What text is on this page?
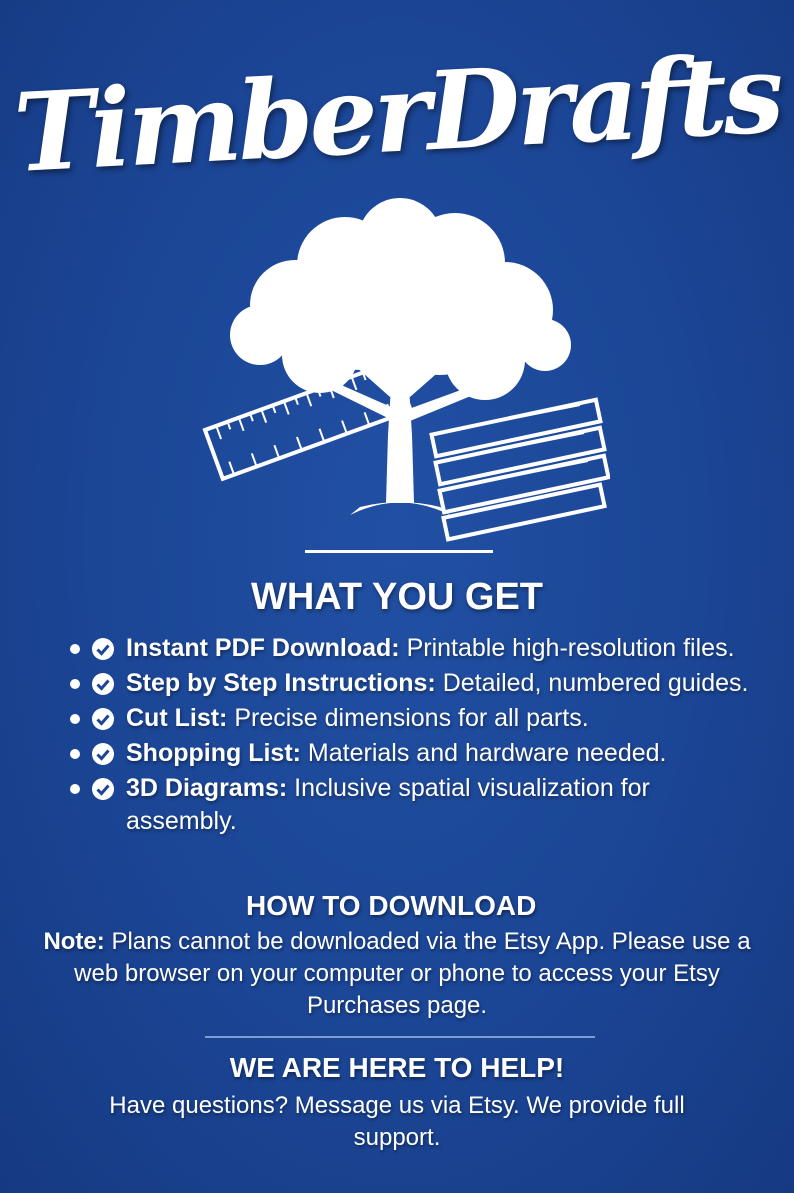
TimberDrafts
WHAT YOU GET
Instant PDF Download: Printable high-resolution files.
Step by Step Instructions: Detailed, numbered guides.
Cut List: Precise dimensions for all parts.
Shopping List: Materials and hardware needed.
3D Diagrams: Inclusive spatial visualization for assembly.
HOW TO DOWNLOAD
Note: Plans cannot be downloaded via the Etsy App. Please use a web browser on your computer or phone to access your Etsy Purchases page.
WE ARE HERE TO HELP!
Have questions? Message us via Etsy. We provide full support.
